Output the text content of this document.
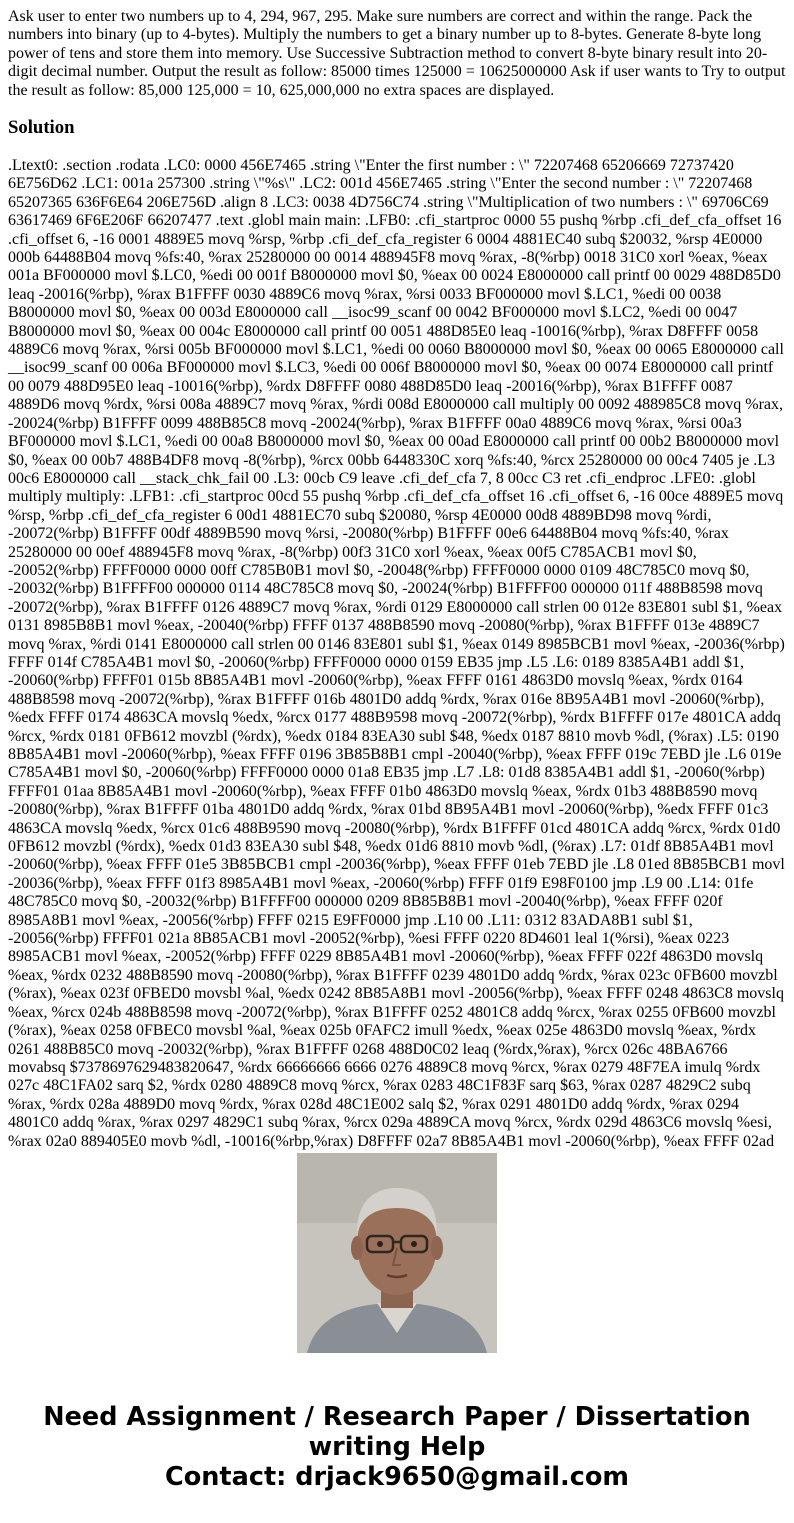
Ask user to enter two numbers up to 4, 294, 967, 295. Make sure numbers are correct and within the range. Pack the numbers into binary (up to 4-bytes). Multiply the numbers to get a binary number up to 8-bytes. Generate 8-byte long power of tens and store them into memory. Use Successive Subtraction method to convert 8-byte binary result into 20-digit decimal number. Output the result as follow: 85000 times 125000 = 10625000000 Ask if user wants to Try to output the result as follow: 85,000 125,000 = 10, 625,000,000 no extra spaces are displayed.

Solution
.Ltext0: .section .rodata .LC0: 0000 456E7465 .string \"Enter the first number : \" 72207468 65206669 72737420 6E756D62 .LC1: 001a 257300 .string \"%s\" .LC2: 001d 456E7465 .string \"Enter the second number : \" 72207468 65207365 636F6E64 206E756D .align 8 .LC3: 0038 4D756C74 .string \"Multiplication of two numbers : \" 69706C69 63617469 6F6E206F 66207477 .text .globl main main: .LFB0: .cfi_startproc 0000 55 pushq %rbp .cfi_def_cfa_offset 16 .cfi_offset 6, -16 0001 4889E5 movq %rsp, %rbp .cfi_def_cfa_register 6 0004 4881EC40 subq $20032, %rsp 4E0000 000b 64488B04 movq %fs:40, %rax 25280000 00 0014 488945F8 movq %rax, -8(%rbp) 0018 31C0 xorl %eax, %eax 001a BF000000 movl $.LC0, %edi 00 001f B8000000 movl $0, %eax 00 0024 E8000000 call printf 00 0029 488D85D0 leaq -20016(%rbp), %rax B1FFFF 0030 4889C6 movq %rax, %rsi 0033 BF000000 movl $.LC1, %edi 00 0038 B8000000 movl $0, %eax 00 003d E8000000 call __isoc99_scanf 00 0042 BF000000 movl $.LC2, %edi 00 0047 B8000000 movl $0, %eax 00 004c E8000000 call printf 00 0051 488D85E0 leaq -10016(%rbp), %rax D8FFFF 0058 4889C6 movq %rax, %rsi 005b BF000000 movl $.LC1, %edi 00 0060 B8000000 movl $0, %eax 00 0065 E8000000 call __isoc99_scanf 00 006a BF000000 movl $.LC3, %edi 00 006f B8000000 movl $0, %eax 00 0074 E8000000 call printf 00 0079 488D95E0 leaq -10016(%rbp), %rdx D8FFFF 0080 488D85D0 leaq -20016(%rbp), %rax B1FFFF 0087 4889D6 movq %rdx, %rsi 008a 4889C7 movq %rax, %rdi 008d E8000000 call multiply 00 0092 488985C8 movq %rax, -20024(%rbp) B1FFFF 0099 488B85C8 movq -20024(%rbp), %rax B1FFFF 00a0 4889C6 movq %rax, %rsi 00a3 BF000000 movl $.LC1, %edi 00 00a8 B8000000 movl $0, %eax 00 00ad E8000000 call printf 00 00b2 B8000000 movl $0, %eax 00 00b7 488B4DF8 movq -8(%rbp), %rcx 00bb 6448330C xorq %fs:40, %rcx 25280000 00 00c4 7405 je .L3 00c6 E8000000 call __stack_chk_fail 00 .L3: 00cb C9 leave .cfi_def_cfa 7, 8 00cc C3 ret .cfi_endproc .LFE0: .globl multiply multiply: .LFB1: .cfi_startproc 00cd 55 pushq %rbp .cfi_def_cfa_offset 16 .cfi_offset 6, -16 00ce 4889E5 movq %rsp, %rbp .cfi_def_cfa_register 6 00d1 4881EC70 subq $20080, %rsp 4E0000 00d8 4889BD98 movq %rdi, -20072(%rbp) B1FFFF 00df 4889B590 movq %rsi, -20080(%rbp) B1FFFF 00e6 64488B04 movq %fs:40, %rax 25280000 00 00ef 488945F8 movq %rax, -8(%rbp) 00f3 31C0 xorl %eax, %eax 00f5 C785ACB1 movl $0, -20052(%rbp) FFFF0000 0000 00ff C785B0B1 movl $0, -20048(%rbp) FFFF0000 0000 0109 48C785C0 movq $0, -20032(%rbp) B1FFFF00 000000 0114 48C785C8 movq $0, -20024(%rbp) B1FFFF00 000000 011f 488B8598 movq -20072(%rbp), %rax B1FFFF 0126 4889C7 movq %rax, %rdi 0129 E8000000 call strlen 00 012e 83E801 subl $1, %eax 0131 8985B8B1 movl %eax, -20040(%rbp) FFFF 0137 488B8590 movq -20080(%rbp), %rax B1FFFF 013e 4889C7 movq %rax, %rdi 0141 E8000000 call strlen 00 0146 83E801 subl $1, %eax 0149 8985BCB1 movl %eax, -20036(%rbp) FFFF 014f C785A4B1 movl $0, -20060(%rbp) FFFF0000 0000 0159 EB35 jmp .L5 .L6: 0189 8385A4B1 addl $1, -20060(%rbp) FFFF01 015b 8B85A4B1 movl -20060(%rbp), %eax FFFF 0161 4863D0 movslq %eax, %rdx 0164 488B8598 movq -20072(%rbp), %rax B1FFFF 016b 4801D0 addq %rdx, %rax 016e 8B95A4B1 movl -20060(%rbp), %edx FFFF 0174 4863CA movslq %edx, %rcx 0177 488B9598 movq -20072(%rbp), %rdx B1FFFF 017e 4801CA addq %rcx, %rdx 0181 0FB612 movzbl (%rdx), %edx 0184 83EA30 subl $48, %edx 0187 8810 movb %dl, (%rax) .L5: 0190 8B85A4B1 movl -20060(%rbp), %eax FFFF 0196 3B85B8B1 cmpl -20040(%rbp), %eax FFFF 019c 7EBD jle .L6 019e C785A4B1 movl $0, -20060(%rbp) FFFF0000 0000 01a8 EB35 jmp .L7 .L8: 01d8 8385A4B1 addl $1, -20060(%rbp) FFFF01 01aa 8B85A4B1 movl -20060(%rbp), %eax FFFF 01b0 4863D0 movslq %eax, %rdx 01b3 488B8590 movq -20080(%rbp), %rax B1FFFF 01ba 4801D0 addq %rdx, %rax 01bd 8B95A4B1 movl -20060(%rbp), %edx FFFF 01c3 4863CA movslq %edx, %rcx 01c6 488B9590 movq -20080(%rbp), %rdx B1FFFF 01cd 4801CA addq %rcx, %rdx 01d0 0FB612 movzbl (%rdx), %edx 01d3 83EA30 subl $48, %edx 01d6 8810 movb %dl, (%rax) .L7: 01df 8B85A4B1 movl -20060(%rbp), %eax FFFF 01e5 3B85BCB1 cmpl -20036(%rbp), %eax FFFF 01eb 7EBD jle .L8 01ed 8B85BCB1 movl -20036(%rbp), %eax FFFF 01f3 8985A4B1 movl %eax, -20060(%rbp) FFFF 01f9 E98F0100 jmp .L9 00 .L14: 01fe 48C785C0 movq $0, -20032(%rbp) B1FFFF00 000000 0209 8B85B8B1 movl -20040(%rbp), %eax FFFF 020f 8985A8B1 movl %eax, -20056(%rbp) FFFF 0215 E9FF0000 jmp .L10 00 .L11: 0312 83ADA8B1 subl $1, -20056(%rbp) FFFF01 021a 8B85ACB1 movl -20052(%rbp), %esi FFFF 0220 8D4601 leal 1(%rsi), %eax 0223 8985ACB1 movl %eax, -20052(%rbp) FFFF 0229 8B85A4B1 movl -20060(%rbp), %eax FFFF 022f 4863D0 movslq %eax, %rdx 0232 488B8590 movq -20080(%rbp), %rax B1FFFF 0239 4801D0 addq %rdx, %rax 023c 0FB600 movzbl (%rax), %eax 023f 0FBED0 movsbl %al, %edx 0242 8B85A8B1 movl -20056(%rbp), %eax FFFF 0248 4863C8 movslq %eax, %rcx 024b 488B8598 movq -20072(%rbp), %rax B1FFFF 0252 4801C8 addq %rcx, %rax 0255 0FB600 movzbl (%rax), %eax 0258 0FBEC0 movsbl %al, %eax 025b 0FAFC2 imull %edx, %eax 025e 4863D0 movslq %eax, %rdx 0261 488B85C0 movq -20032(%rbp), %rax B1FFFF 0268 488D0C02 leaq (%rdx,%rax), %rcx 026c 48BA6766 movabsq $7378697629483820647, %rdx 66666666 6666 0276 4889C8 movq %rcx, %rax 0279 48F7EA imulq %rdx 027c 48C1FA02 sarq $2, %rdx 0280 4889C8 movq %rcx, %rax 0283 48C1F83F sarq $63, %rax 0287 4829C2 subq %rax, %rdx 028a 4889D0 movq %rdx, %rax 028d 48C1E002 salq $2, %rax 0291 4801D0 addq %rdx, %rax 0294 4801C0 addq %rax, %rax 0297 4829C1 subq %rax, %rcx 029a 4889CA movq %rcx, %rdx 029d 4863C6 movslq %esi, %rax 02a0 889405E0 movb %dl, -10016(%rbp,%rax) D8FFFF 02a7 8B85A4B1 movl -20060(%rbp), %eax FFFF 02ad
Need Assignment / Research Paper / Dissertation
writing Help
Contact: drjack9650@gmail.com
